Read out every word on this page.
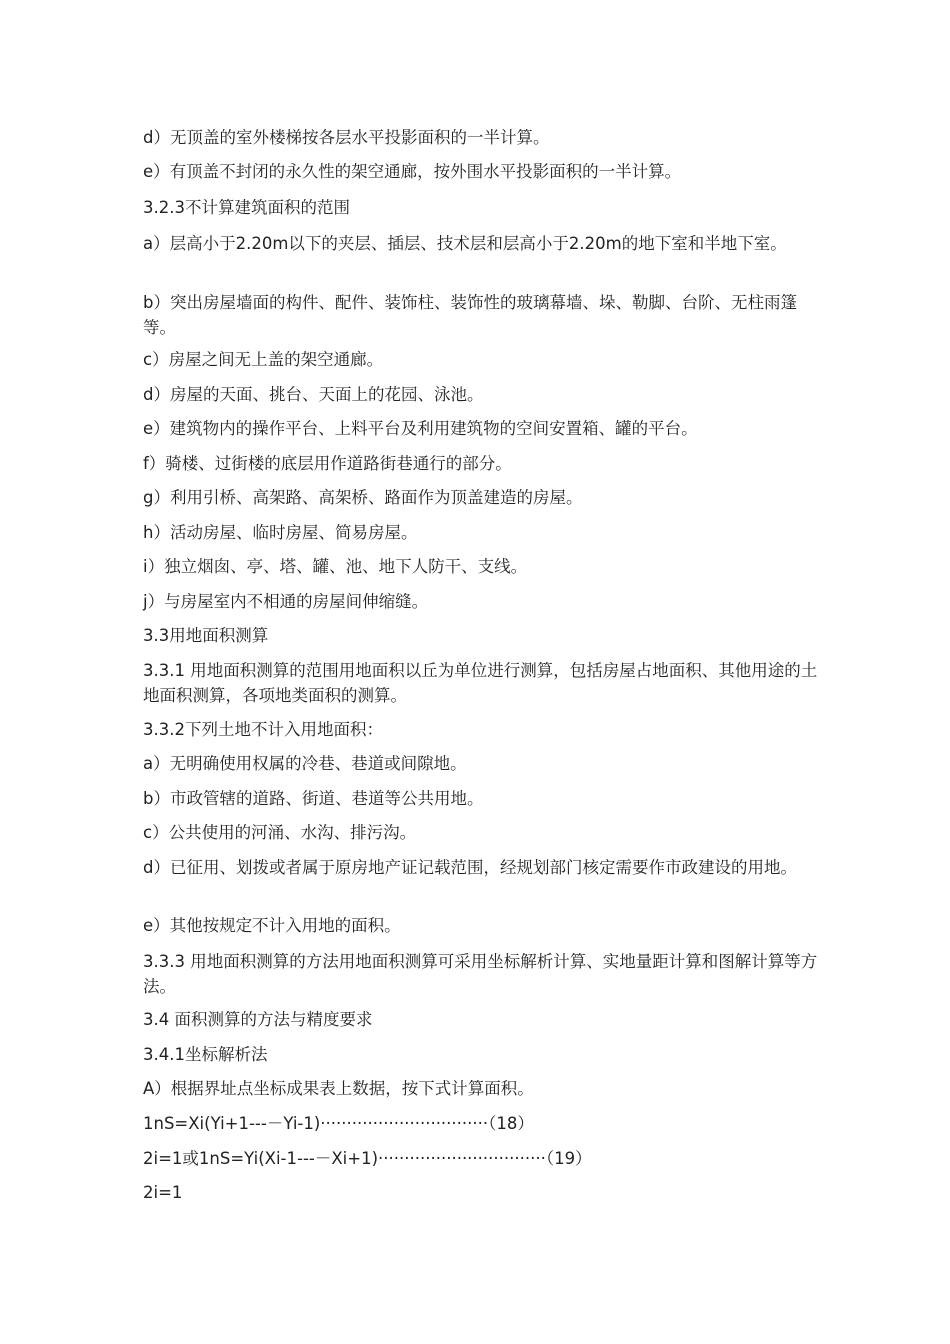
d）无顶盖的室外楼梯按各层水平投影面积的一半计算。
e）有顶盖不封闭的永久性的架空通廊，按外围水平投影面积的一半计算。
3.2.3不计算建筑面积的范围
a）层高小于2.20m以下的夹层、插层、技术层和层高小于2.20m的地下室和半地下室。
b）突出房屋墙面的构件、配件、装饰柱、装饰性的玻璃幕墙、垛、勒脚、台阶、无柱雨篷等。
c）房屋之间无上盖的架空通廊。
d）房屋的天面、挑台、天面上的花园、泳池。
e）建筑物内的操作平台、上料平台及利用建筑物的空间安置箱、罐的平台。
f）骑楼、过街楼的底层用作道路街巷通行的部分。
g）利用引桥、高架路、高架桥、路面作为顶盖建造的房屋。
h）活动房屋、临时房屋、简易房屋。
i）独立烟囱、亭、塔、罐、池、地下人防干、支线。
j）与房屋室内不相通的房屋间伸缩缝。
3.3用地面积测算
3.3.1 用地面积测算的范围用地面积以丘为单位进行测算，包括房屋占地面积、其他用途的土地面积测算，各项地类面积的测算。
3.3.2下列土地不计入用地面积：
a）无明确使用权属的冷巷、巷道或间隙地。
b）市政管辖的道路、街道、巷道等公共用地。
c）公共使用的河涌、水沟、排污沟。
d）已征用、划拨或者属于原房地产证记载范围，经规划部门核定需要作市政建设的用地。
e）其他按规定不计入用地的面积。
3.3.3 用地面积测算的方法用地面积测算可采用坐标解析计算、实地量距计算和图解计算等方法。
3.4 面积测算的方法与精度要求
3.4.1坐标解析法
A）根据界址点坐标成果表上数据，按下式计算面积。
1nS=Xi(Yi+1---－Yi-1)································（18）
2i=1或1nS=Yi(Xi-1---－Xi+1)································（19）
2i=1
